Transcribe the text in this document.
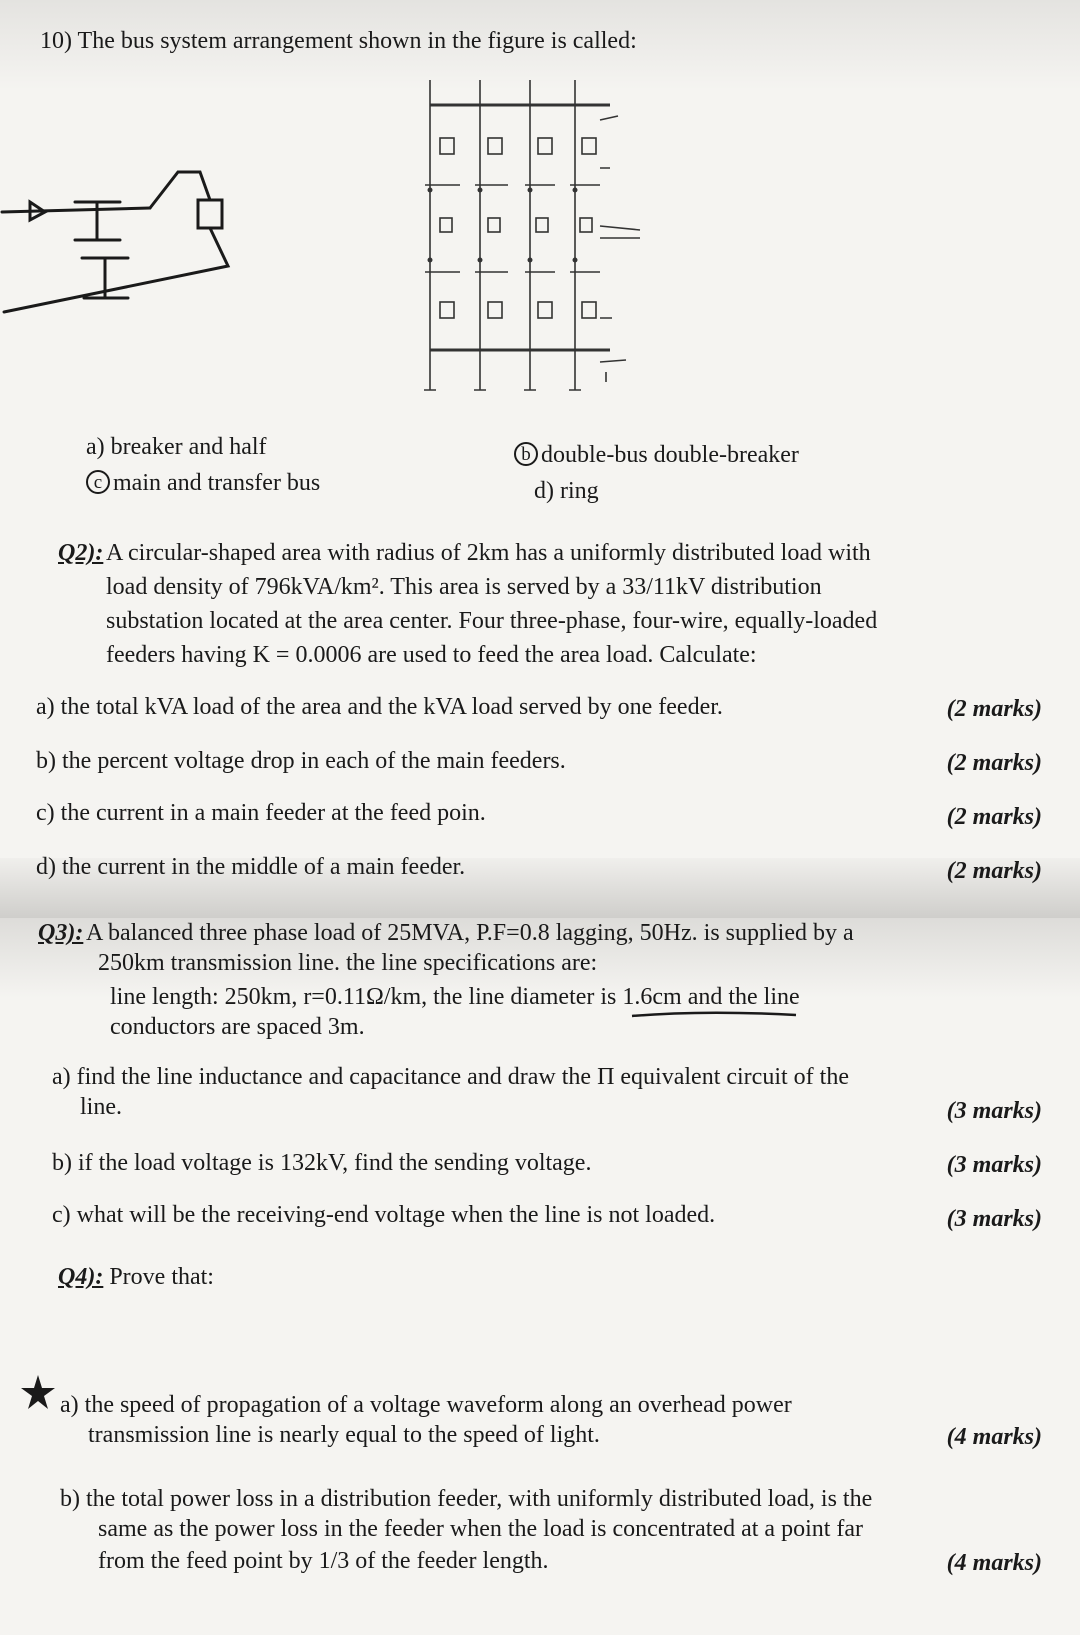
10) The bus system arrangement shown in the figure is called:
a) breaker and half	b double-bus double-breaker
c main and transfer bus	d) ring
Q2): A circular-shaped area with radius of 2km has a uniformly distributed load with
load density of 796kVA/km². This area is served by a 33/11kV distribution
substation located at the area center. Four three-phase, four-wire, equally-loaded
feeders having K = 0.0006 are used to feed the area load. Calculate:
a) the total kVA load of the area and the kVA load served by one feeder.	(2 marks)
b) the percent voltage drop in each of the main feeders.	(2 marks)
c) the current in a main feeder at the feed poin.	(2 marks)
d) the current in the middle of a main feeder.	(2 marks)
Q3): A balanced three phase load of 25MVA, P.F=0.8 lagging, 50Hz. is supplied by a
250km transmission line. the line specifications are:
line length: 250km, r=0.11Ω/km, the line diameter is 1.6cm and the line
conductors are spaced 3m.
a) find the line inductance and capacitance and draw the Π equivalent circuit of the
line.	(3 marks)
b) if the load voltage is 132kV, find the sending voltage.	(3 marks)
c) what will be the receiving-end voltage when the line is not loaded.	(3 marks)
Q4): Prove that:
a) the speed of propagation of a voltage waveform along an overhead power
transmission line is nearly equal to the speed of light.	(4 marks)
b) the total power loss in a distribution feeder, with uniformly distributed load, is the
same as the power loss in the feeder when the load is concentrated at a point far
from the feed point by 1/3 of the feeder length.	(4 marks)
